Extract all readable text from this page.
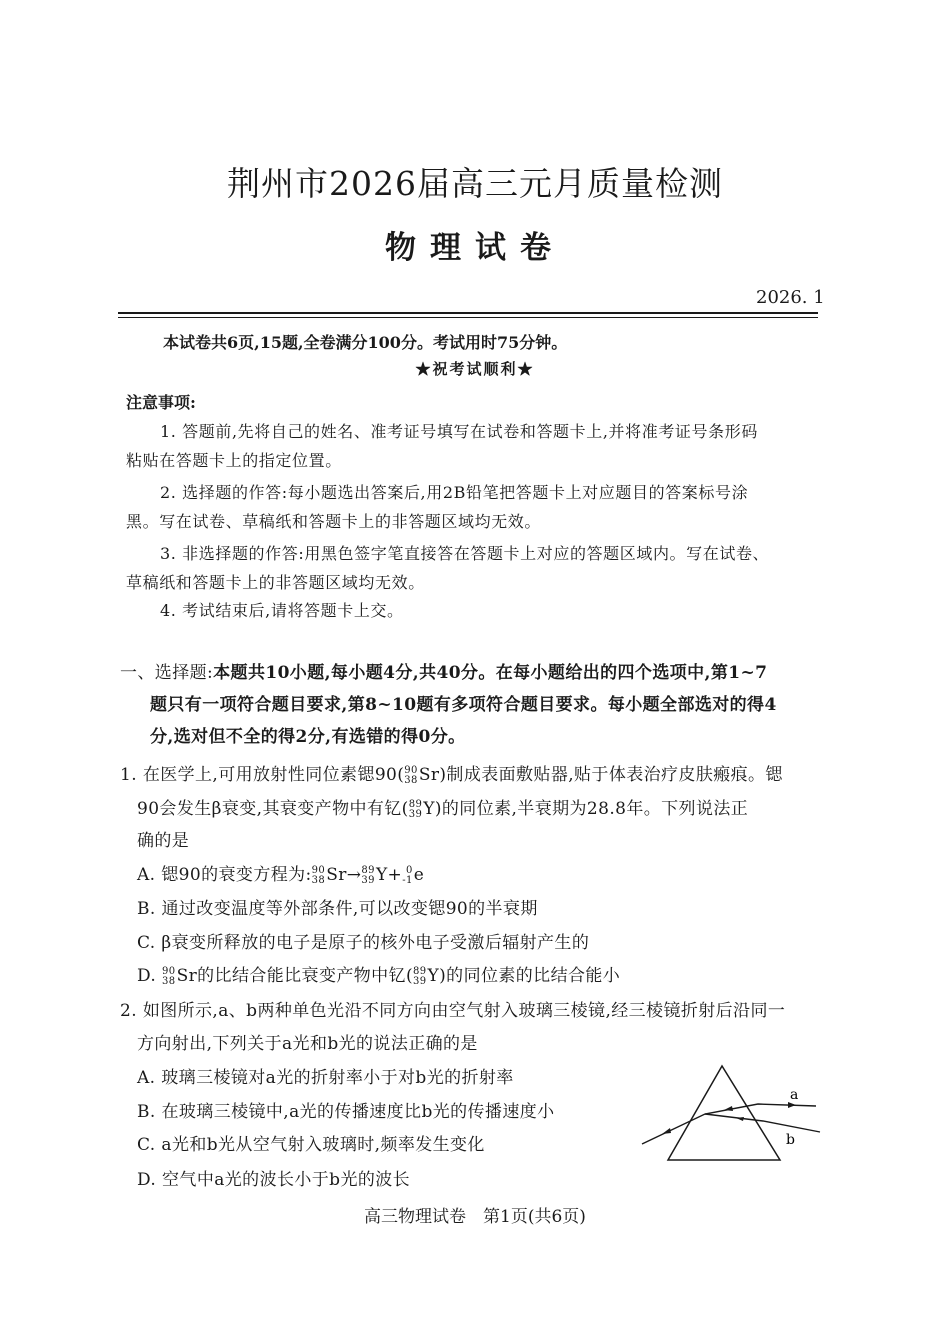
荆州市2026届高三元月质量检测
物理试卷
2026. 1
本试卷共6页,15题,全卷满分100分。考试用时75分钟。
★祝考试顺利★
注意事项:
1. 答题前,先将自己的姓名、准考证号填写在试卷和答题卡上,并将准考证号条形码
粘贴在答题卡上的指定位置。
2. 选择题的作答:每小题选出答案后,用2B铅笔把答题卡上对应题目的答案标号涂
黑。写在试卷、草稿纸和答题卡上的非答题区域均无效。
3. 非选择题的作答:用黑色签字笔直接答在答题卡上对应的答题区域内。写在试卷、
草稿纸和答题卡上的非答题区域均无效。
4. 考试结束后,请将答题卡上交。
一、选择题:本题共10小题,每小题4分,共40分。在每小题给出的四个选项中,第1~7
题只有一项符合题目要求,第8~10题有多项符合题目要求。每小题全部选对的得4
分,选对但不全的得2分,有选错的得0分。
1. 在医学上,可用放射性同位素锶90( 90
38 Sr)制成表面敷贴器,贴于体表治疗皮肤瘢痕。锶
90会发生β衰变,其衰变产物中有钇( 89
39 Y)的同位素,半衰期为28.8年。下列说法正
确的是
A. 锶90的衰变方程为: 90
38 Sr→ 89
39 Y+ 0
-1 e
B. 通过改变温度等外部条件,可以改变锶90的半衰期
C. β衰变所释放的电子是原子的核外电子受激后辐射产生的
D. 90
38 Sr的比结合能比衰变产物中钇( 89
39 Y)的同位素的比结合能小
2. 如图所示,a、b两种单色光沿不同方向由空气射入玻璃三棱镜,经三棱镜折射后沿同一
方向射出,下列关于a光和b光的说法正确的是
A. 玻璃三棱镜对a光的折射率小于对b光的折射率
B. 在玻璃三棱镜中,a光的传播速度比b光的传播速度小
C. a光和b光从空气射入玻璃时,频率发生变化
D. 空气中a光的波长小于b光的波长
a
b
高三物理试卷　第1页(共6页)
